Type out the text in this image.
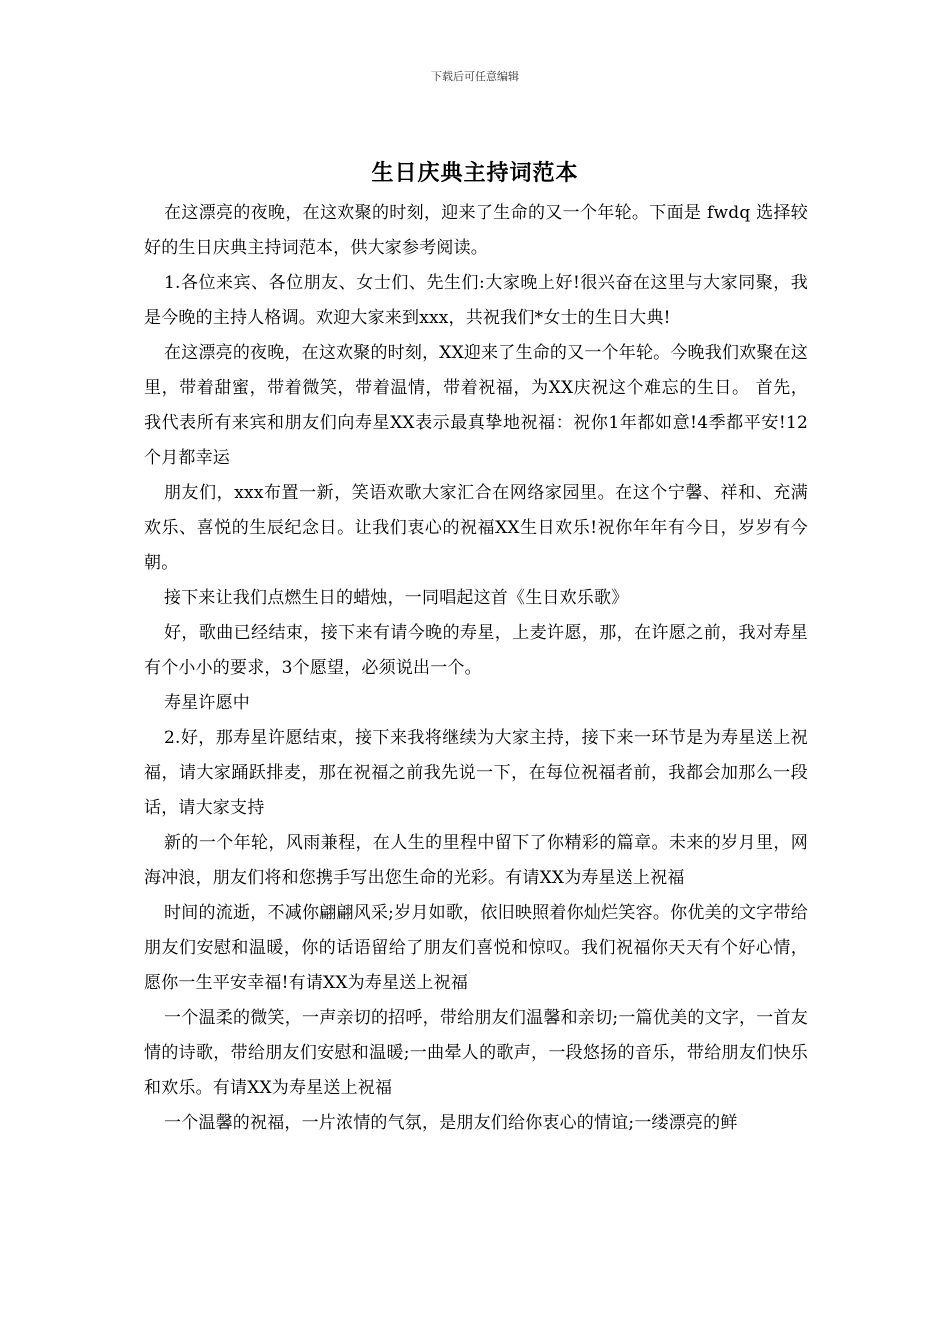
下载后可任意编辑
生日庆典主持词范本

在这漂亮的夜晚，在这欢聚的时刻，迎来了生命的又一个年轮。下面是 fwdq 选择较好的生日庆典主持词范本，供大家参考阅读。

1.各位来宾、各位朋友、女士们、先生们:大家晚上好!很兴奋在这里与大家同聚，我是今晚的主持人格调。欢迎大家来到xxx，共祝我们*女士的生日大典!

在这漂亮的夜晚，在这欢聚的时刻，XX迎来了生命的又一个年轮。今晚我们欢聚在这里，带着甜蜜，带着微笑，带着温情，带着祝福，为XX庆祝这个难忘的生日。 首先，我代表所有来宾和朋友们向寿星XX表示最真挚地祝福：祝你1年都如意!4季都平安!12个月都幸运

朋友们，xxx布置一新，笑语欢歌大家汇合在网络家园里。在这个宁馨、祥和、充满欢乐、喜悦的生辰纪念日。让我们衷心的祝福XX生日欢乐!祝你年年有今日，岁岁有今朝。

接下来让我们点燃生日的蜡烛，一同唱起这首《生日欢乐歌》

好，歌曲已经结束，接下来有请今晚的寿星，上麦许愿，那，在许愿之前，我对寿星有个小小的要求，3个愿望，必须说出一个。

寿星许愿中

2.好，那寿星许愿结束，接下来我将继续为大家主持，接下来一环节是为寿星送上祝福，请大家踊跃排麦，那在祝福之前我先说一下，在每位祝福者前，我都会加那么一段话，请大家支持

新的一个年轮，风雨兼程，在人生的里程中留下了你精彩的篇章。未来的岁月里，网海冲浪，朋友们将和您携手写出您生命的光彩。有请XX为寿星送上祝福

时间的流逝，不减你翩翩风采;岁月如歌，依旧映照着你灿烂笑容。你优美的文字带给朋友们安慰和温暖，你的话语留给了朋友们喜悦和惊叹。我们祝福你天天有个好心情，愿你一生平安幸福!有请XX为寿星送上祝福

一个温柔的微笑，一声亲切的招呼，带给朋友们温馨和亲切;一篇优美的文字，一首友情的诗歌，带给朋友们安慰和温暖;一曲晕人的歌声，一段悠扬的音乐，带给朋友们快乐和欢乐。有请XX为寿星送上祝福

一个温馨的祝福，一片浓情的气氛，是朋友们给你衷心的情谊;一缕漂亮的鲜
